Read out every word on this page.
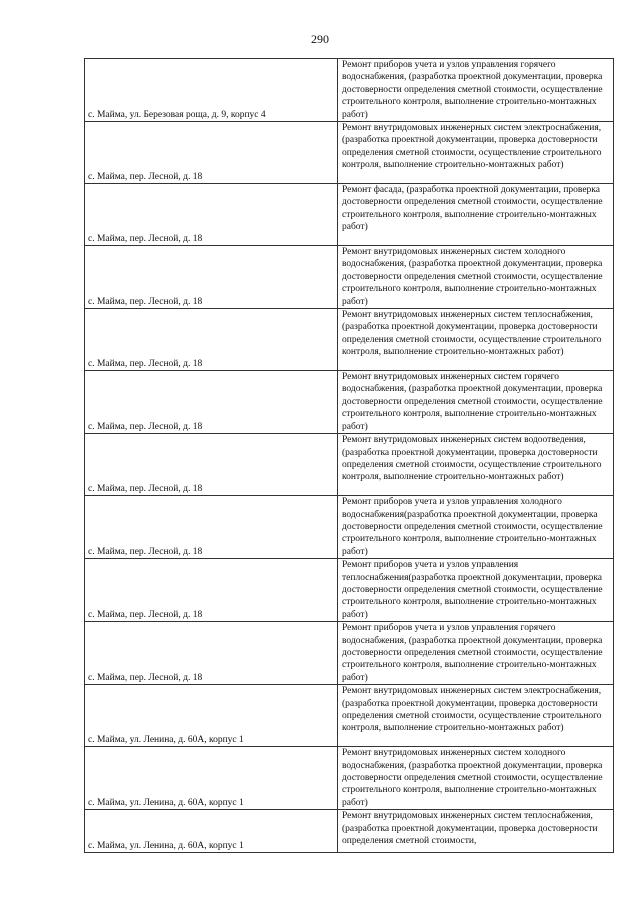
290
с. Майма, ул. Березовая роща, д. 9, корпус 4	Ремонт приборов учета и узлов управления горячего водоснабжения, (разработка проектной документации, проверка достоверности определения сметной стоимости, осуществление строительного контроля, выполнение строительно-монтажных работ)
с. Майма, пер. Лесной, д. 18	Ремонт внутридомовых инженерных систем электроснабжения, (разработка проектной документации, проверка достоверности определения сметной стоимости, осуществление строительного контроля, выполнение строительно-монтажных работ)
с. Майма, пер. Лесной, д. 18	Ремонт фасада, (разработка проектной документации, проверка достоверности определения сметной стоимости, осуществление строительного контроля, выполнение строительно-монтажных работ)
с. Майма, пер. Лесной, д. 18	Ремонт внутридомовых инженерных систем холодного водоснабжения, (разработка проектной документации, проверка достоверности определения сметной стоимости, осуществление строительного контроля, выполнение строительно-монтажных работ)
с. Майма, пер. Лесной, д. 18	Ремонт внутридомовых инженерных систем теплоснабжения, (разработка проектной документации, проверка достоверности определения сметной стоимости, осуществление строительного контроля, выполнение строительно-монтажных работ)
с. Майма, пер. Лесной, д. 18	Ремонт внутридомовых инженерных систем горячего водоснабжения, (разработка проектной документации, проверка достоверности определения сметной стоимости, осуществление строительного контроля, выполнение строительно-монтажных работ)
с. Майма, пер. Лесной, д. 18	Ремонт внутридомовых инженерных систем водоотведения, (разработка проектной документации, проверка достоверности определения сметной стоимости, осуществление строительного контроля, выполнение строительно-монтажных работ)
с. Майма, пер. Лесной, д. 18	Ремонт приборов учета и узлов управления холодного водоснабжения(разработка проектной документации, проверка достоверности определения сметной стоимости, осуществление строительного контроля, выполнение строительно-монтажных работ)
с. Майма, пер. Лесной, д. 18	Ремонт приборов учета и узлов управления теплоснабжения(разработка проектной документации, проверка достоверности определения сметной стоимости, осуществление строительного контроля, выполнение строительно-монтажных работ)
с. Майма, пер. Лесной, д. 18	Ремонт приборов учета и узлов управления горячего водоснабжения, (разработка проектной документации, проверка достоверности определения сметной стоимости, осуществление строительного контроля, выполнение строительно-монтажных работ)
с. Майма, ул. Ленина, д. 60А, корпус 1	Ремонт внутридомовых инженерных систем электроснабжения, (разработка проектной документации, проверка достоверности определения сметной стоимости, осуществление строительного контроля, выполнение строительно-монтажных работ)
с. Майма, ул. Ленина, д. 60А, корпус 1	Ремонт внутридомовых инженерных систем холодного водоснабжения, (разработка проектной документации, проверка достоверности определения сметной стоимости, осуществление строительного контроля, выполнение строительно-монтажных работ)
с. Майма, ул. Ленина, д. 60А, корпус 1	Ремонт внутридомовых инженерных систем теплоснабжения, (разработка проектной документации, проверка достоверности определения сметной стоимости,
